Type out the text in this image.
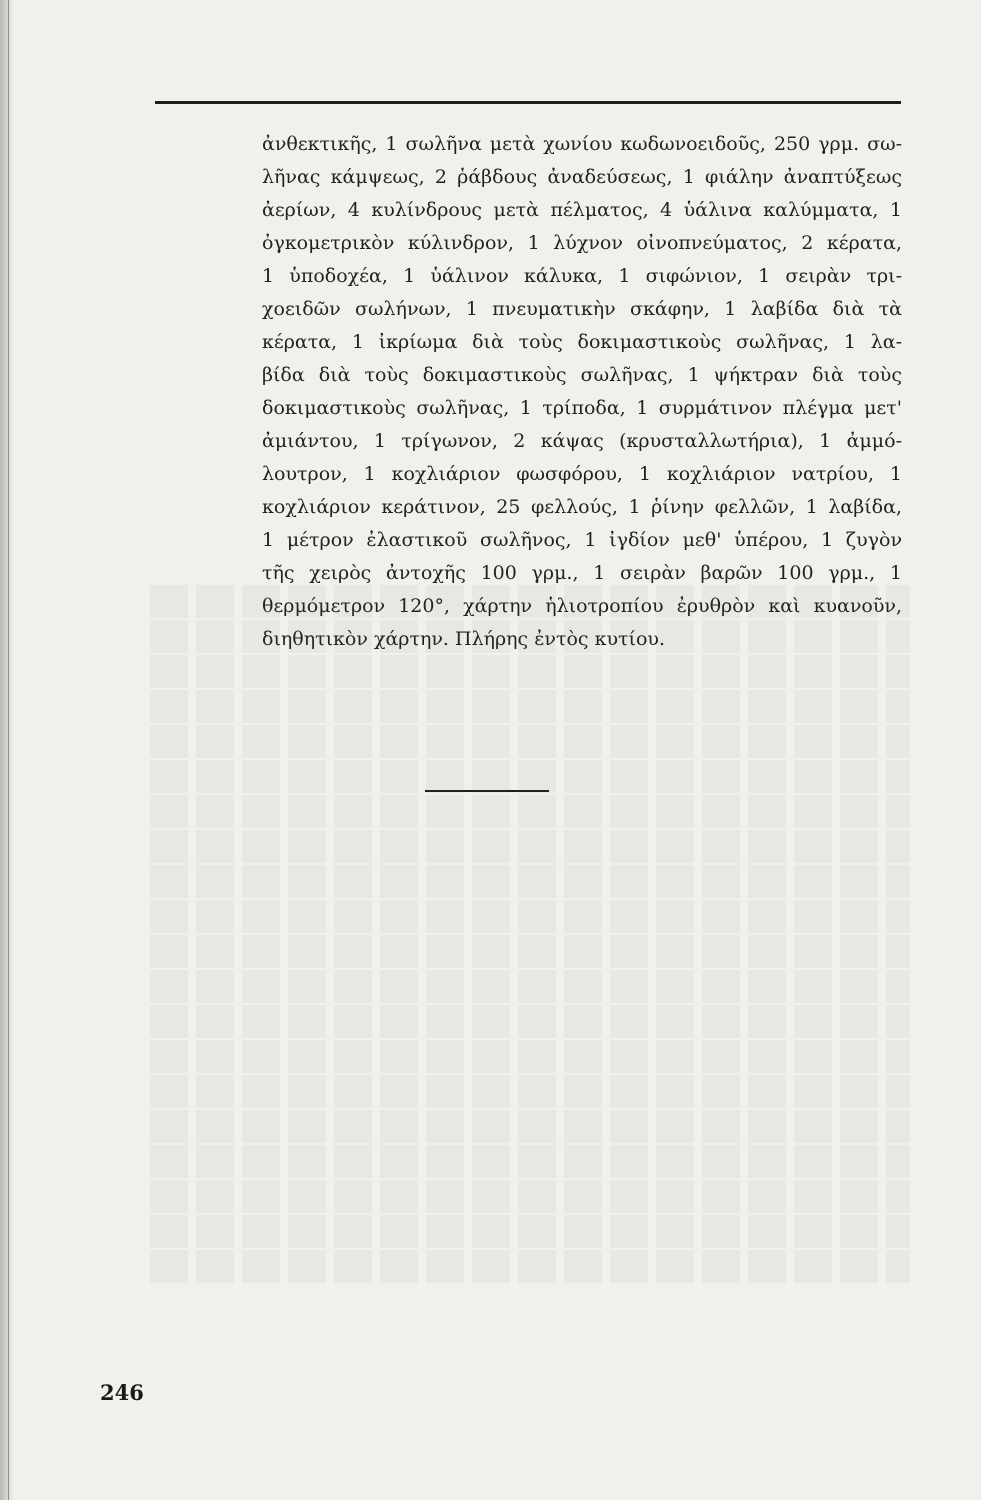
ἀνθεκτικῆς, 1 σωλῆνα μετὰ χωνίου κωδωνοειδοῦς, 250 γρμ. σω-
λῆνας κάμψεως, 2 ῥάβδους ἀναδεύσεως, 1 φιάλην ἀναπτύξεως
ἀερίων, 4 κυλίνδρους μετὰ πέλματος, 4 ὑάλινα καλύμματα, 1
ὀγκομετρικὸν κύλινδρον, 1 λύχνον οἰνοπνεύματος, 2 κέρατα,
1 ὑποδοχέα, 1 ὑάλινον κάλυκα, 1 σιφώνιον, 1 σειρὰν τρι-
χοειδῶν σωλήνων, 1 πνευματικὴν σκάφην, 1 λαβίδα διὰ τὰ
κέρατα, 1 ἰκρίωμα διὰ τοὺς δοκιμαστικοὺς σωλῆνας, 1 λα-
βίδα διὰ τοὺς δοκιμαστικοὺς σωλῆνας, 1 ψήκτραν διὰ τοὺς
δοκιμαστικοὺς σωλῆνας, 1 τρίποδα, 1 συρμάτινον πλέγμα μετ'
ἀμιάντου, 1 τρίγωνον, 2 κάψας (κρυσταλλωτήρια), 1 ἀμμό-
λουτρον, 1 κοχλιάριον φωσφόρου, 1 κοχλιάριον νατρίου, 1
κοχλιάριον κεράτινον, 25 φελλούς, 1 ῥίνην φελλῶν, 1 λαβίδα,
1 μέτρον ἐλαστικοῦ σωλῆνος, 1 ἰγδίον μεθ' ὑπέρου, 1 ζυγὸν
τῆς χειρὸς ἀντοχῆς 100 γρμ., 1 σειρὰν βαρῶν 100 γρμ., 1
θερμόμετρον 120°, χάρτην ἡλιοτροπίου ἐρυθρὸν καὶ κυανοῦν,
διηθητικὸν χάρτην. Πλήρης ἐντὸς κυτίου.
246
